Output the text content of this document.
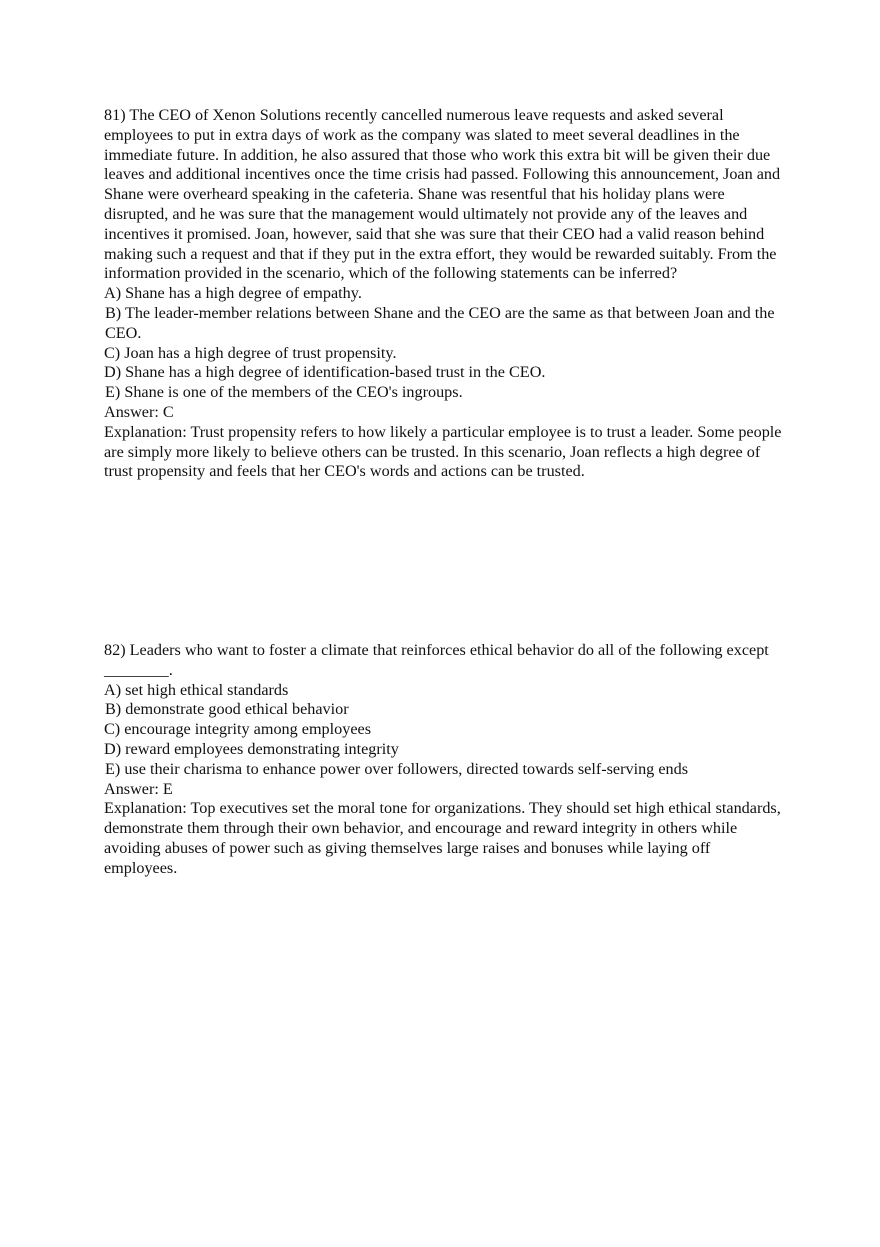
81) The CEO of Xenon Solutions recently cancelled numerous leave requests and asked several employees to put in extra days of work as the company was slated to meet several deadlines in the immediate future. In addition, he also assured that those who work this extra bit will be given their due leaves and additional incentives once the time crisis had passed. Following this announcement, Joan and Shane were overheard speaking in the cafeteria. Shane was resentful that his holiday plans were disrupted, and he was sure that the management would ultimately not provide any of the leaves and incentives it promised. Joan, however, said that she was sure that their CEO had a valid reason behind making such a request and that if they put in the extra effort, they would be rewarded suitably. From the information provided in the scenario, which of the following statements can be inferred?

A) Shane has a high degree of empathy.

B) The leader-member relations between Shane and the CEO are the same as that between Joan and the CEO.

C) Joan has a high degree of trust propensity.

D) Shane has a high degree of identification-based trust in the CEO.

E) Shane is one of the members of the CEO's ingroups.

Answer: C

Explanation: Trust propensity refers to how likely a particular employee is to trust a leader. Some people are simply more likely to believe others can be trusted. In this scenario, Joan reflects a high degree of trust propensity and feels that her CEO's words and actions can be trusted.

82) Leaders who want to foster a climate that reinforces ethical behavior do all of the following except ________.

A) set high ethical standards

B) demonstrate good ethical behavior

C) encourage integrity among employees

D) reward employees demonstrating integrity

E) use their charisma to enhance power over followers, directed towards self-serving ends

Answer: E

Explanation: Top executives set the moral tone for organizations. They should set high ethical standards, demonstrate them through their own behavior, and encourage and reward integrity in others while avoiding abuses of power such as giving themselves large raises and bonuses while laying off employees.
